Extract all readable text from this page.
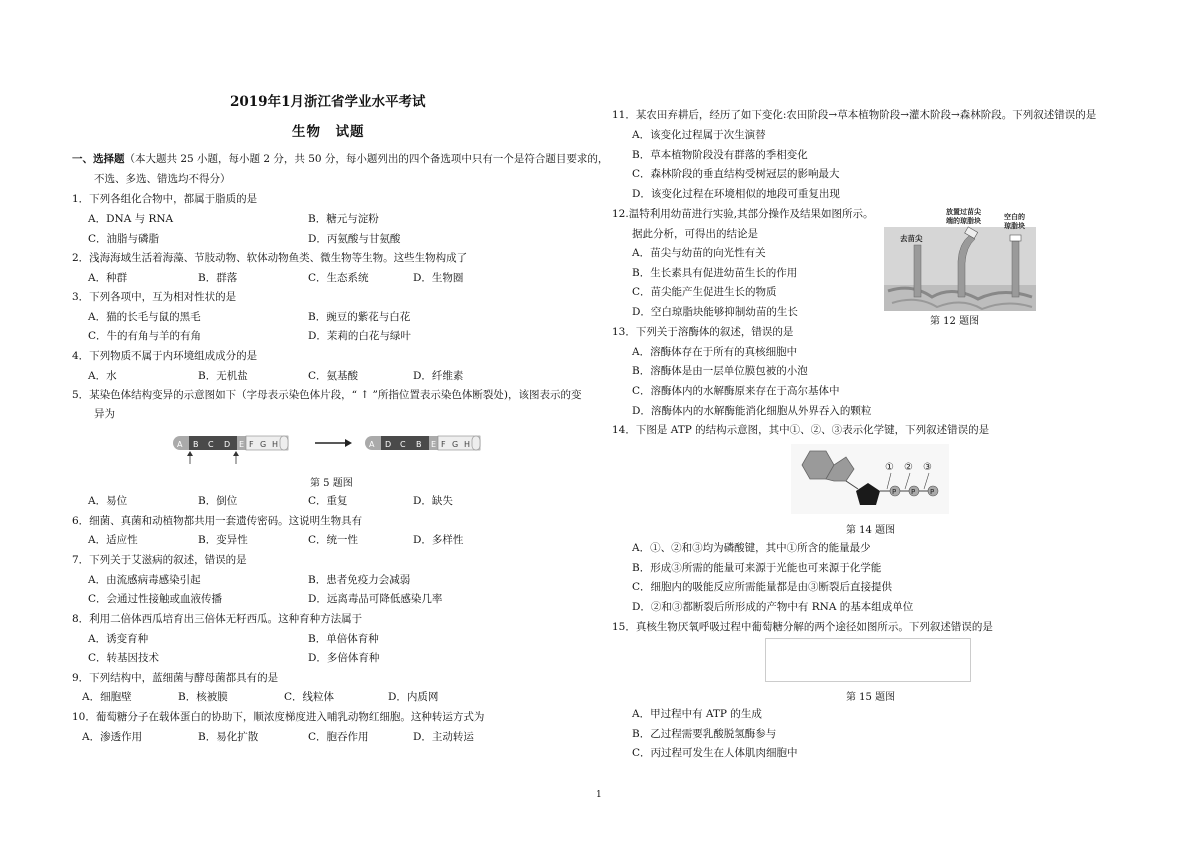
2019年1月浙江省学业水平考试
生物　试题
一、选择题（本大题共 25 小题，每小题 2 分，共 50 分，每小题列出的四个备选项中只有一个是符合题目要求的，
不选、多选、错选均不得分）
1．下列各组化合物中，都属于脂质的是
A．DNA 与 RNA	B．糖元与淀粉
C．油脂与磷脂	D．丙氨酸与甘氨酸
2．浅海海域生活着海藻、节肢动物、软体动物鱼类、微生物等生物。这些生物构成了
A．种群	B．群落	C．生态系统	D．生物圈
3．下列各项中，互为相对性状的是
A．猫的长毛与鼠的黑毛	B．豌豆的紫花与白花
C．牛的有角与羊的有角	D．茉莉的白花与绿叶
4．下列物质不属于内环境组成成分的是
A．水	B．无机盐	C．氨基酸	D．纤维素
5．某染色体结构变异的示意图如下（字母表示染色体片段，“ ↑ ”所指位置表示染色体断裂处)，该图表示的变
异为
A B C D E F G H	A D C B E F G H
第 5 题图
A．易位	B．倒位	C．重复	D．缺失
6．细菌、真菌和动植物都共用一套遗传密码。这说明生物具有
A．适应性	B．变异性	C．统一性	D．多样性
7．下列关于艾滋病的叙述，错误的是
A．由流感病毒感染引起	B．患者免疫力会减弱
C．会通过性接触或血液传播	D．远离毒品可降低感染几率
8．利用二倍体西瓜培育出三倍体无籽西瓜。这种育种方法属于
A．诱变育种	B．单倍体育种
C．转基因技术	D．多倍体育种
9．下列结构中，蓝细菌与酵母菌都具有的是
A．细胞壁	B．核被膜	C．线粒体	D．内质网
10．葡萄糖分子在载体蛋白的协助下，顺浓度梯度进入哺乳动物红细胞。这种转运方式为
A．渗透作用	B．易化扩散	C．胞吞作用	D．主动转运
11．某农田弃耕后，经历了如下变化:农田阶段→草本植物阶段→灌木阶段→森林阶段。下列叙述错误的是
A．该变化过程属于次生演替
B．草本植物阶段没有群落的季相变化
C．森林阶段的垂直结构受树冠层的影响最大
D．该变化过程在环境相似的地段可重复出现
12.温特利用幼苗进行实验,其部分操作及结果如图所示。
据此分析，可得出的结论是
A．苗尖与幼苗的向光性有关
B．生长素具有促进幼苗生长的作用
C．苗尖能产生促进生长的物质
D．空白琼脂块能够抑制幼苗的生长
去苗尖
放置过苗尖
端的琼脂块	空白的
琼脂块
第 12 题图
13．下列关于溶酶体的叙述，错误的是
A．溶酶体存在于所有的真核细胞中
B．溶酶体是由一层单位膜包被的小泡
C．溶酶体内的水解酶原来存在于高尔基体中
D．溶酶体内的水解酶能消化细胞从外界吞入的颗粒
14．下图是 ATP 的结构示意图，其中①、②、③表示化学键，下列叙述错误的是
P P P
① ② ③
第 14 题图
A．①、②和③均为磷酸键，其中①所含的能量最少
B．形成③所需的能量可来源于光能也可来源于化学能
C．细胞内的吸能反应所需能量都是由③断裂后直接提供
D．②和③都断裂后所形成的产物中有 RNA 的基本组成单位
15．真核生物厌氧呼吸过程中葡萄糖分解的两个途径如图所示。下列叙述错误的是
第 15 题图
A．甲过程中有 ATP 的生成
B．乙过程需要乳酸脱氢酶参与
C．丙过程可发生在人体肌肉细胞中
1
